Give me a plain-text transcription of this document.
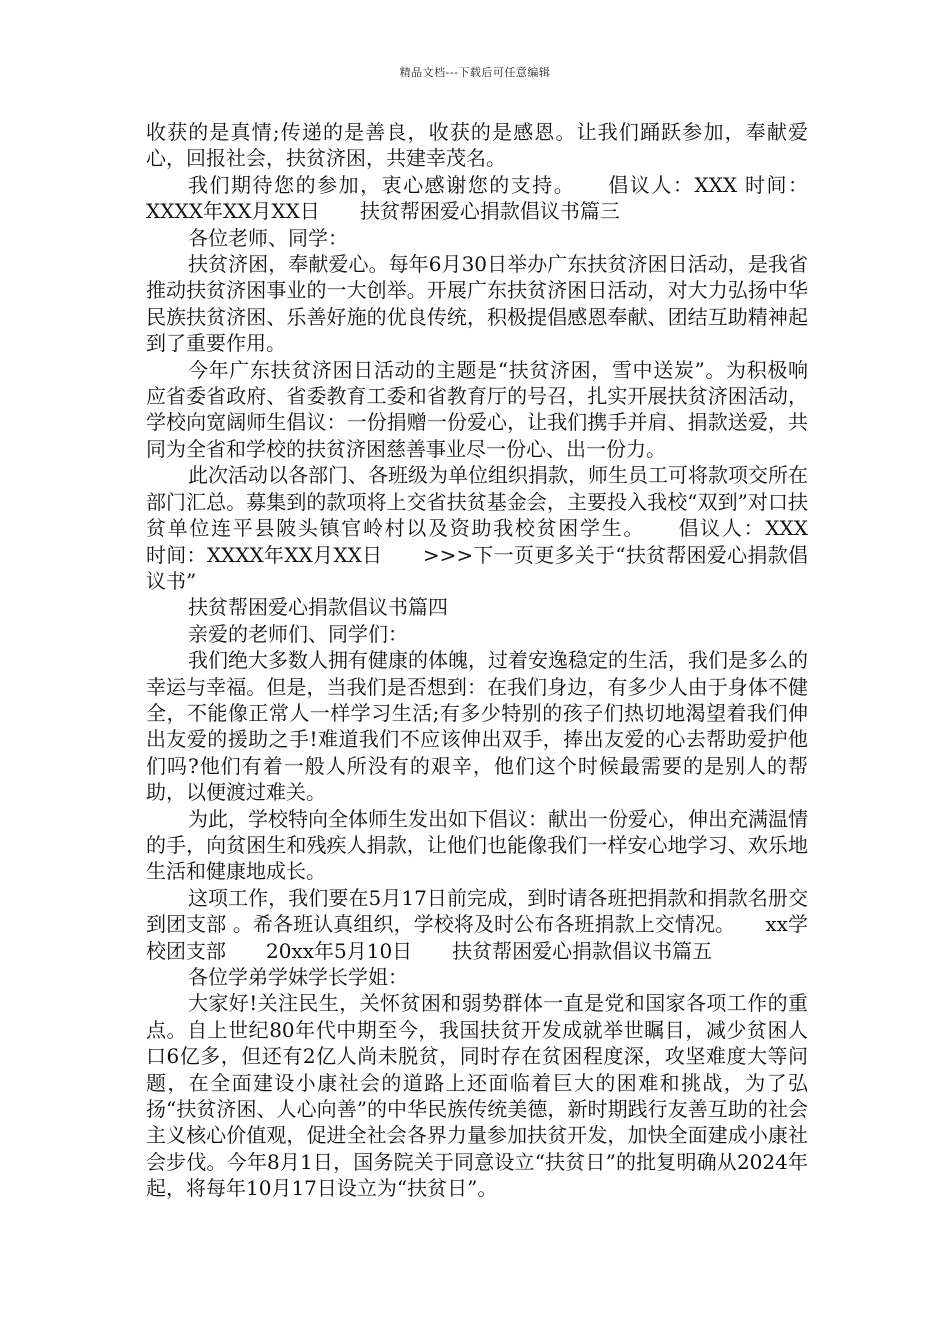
精品文档---下载后可任意编辑

收获的是真情;传递的是善良，收获的是感恩。让我们踊跃参加，奉献爱心，回报社会，扶贫济困，共建幸茂名。

我们期待您的参加，衷心感谢您的支持。　　倡议人：XXX 时间：XXXX年XX月XX日　　扶贫帮困爱心捐款倡议书篇三

各位老师、同学：

扶贫济困，奉献爱心。每年6月30日举办广东扶贫济困日活动，是我省推动扶贫济困事业的一大创举。开展广东扶贫济困日活动，对大力弘扬中华民族扶贫济困、乐善好施的优良传统，积极提倡感恩奉献、团结互助精神起到了重要作用。

今年广东扶贫济困日活动的主题是“扶贫济困，雪中送炭”。为积极响应省委省政府、省委教育工委和省教育厅的号召，扎实开展扶贫济困活动，学校向宽阔师生倡议：一份捐赠一份爱心，让我们携手并肩、捐款送爱，共同为全省和学校的扶贫济困慈善事业尽一份心、出一份力。

此次活动以各部门、各班级为单位组织捐款，师生员工可将款项交所在部门汇总。募集到的款项将上交省扶贫基金会，主要投入我校“双到”对口扶贫单位连平县陂头镇官岭村以及资助我校贫困学生。　　倡议人：XXX　　时间：XXXX年XX月XX日　　>>>下一页更多关于“扶贫帮困爱心捐款倡议书”

扶贫帮困爱心捐款倡议书篇四

亲爱的老师们、同学们：

我们绝大多数人拥有健康的体魄，过着安逸稳定的生活，我们是多么的幸运与幸福。但是，当我们是否想到：在我们身边，有多少人由于身体不健全，不能像正常人一样学习生活;有多少特别的孩子们热切地渴望着我们伸出友爱的援助之手!难道我们不应该伸出双手，捧出友爱的心去帮助爱护他们吗?他们有着一般人所没有的艰辛，他们这个时候最需要的是别人的帮助，以便渡过难关。

为此，学校特向全体师生发出如下倡议：献出一份爱心，伸出充满温情的手，向贫困生和残疾人捐款，让他们也能像我们一样安心地学习、欢乐地生活和健康地成长。

这项工作，我们要在5月17日前完成，到时请各班把捐款和捐款名册交到团支部 。希各班认真组织，学校将及时公布各班捐款上交情况。　　xx学校团支部　　20xx年5月10日　　扶贫帮困爱心捐款倡议书篇五

各位学弟学妹学长学姐：

大家好!关注民生，关怀贫困和弱势群体一直是党和国家各项工作的重点。自上世纪80年代中期至今，我国扶贫开发成就举世瞩目，减少贫困人口6亿多，但还有2亿人尚未脱贫，同时存在贫困程度深，攻坚难度大等问题，在全面建设小康社会的道路上还面临着巨大的困难和挑战，为了弘扬“扶贫济困、人心向善”的中华民族传统美德，新时期践行友善互助的社会主义核心价值观，促进全社会各界力量参加扶贫开发，加快全面建成小康社会步伐。今年8月1日，国务院关于同意设立“扶贫日”的批复明确从2024年起，将每年10月17日设立为“扶贫日”。
